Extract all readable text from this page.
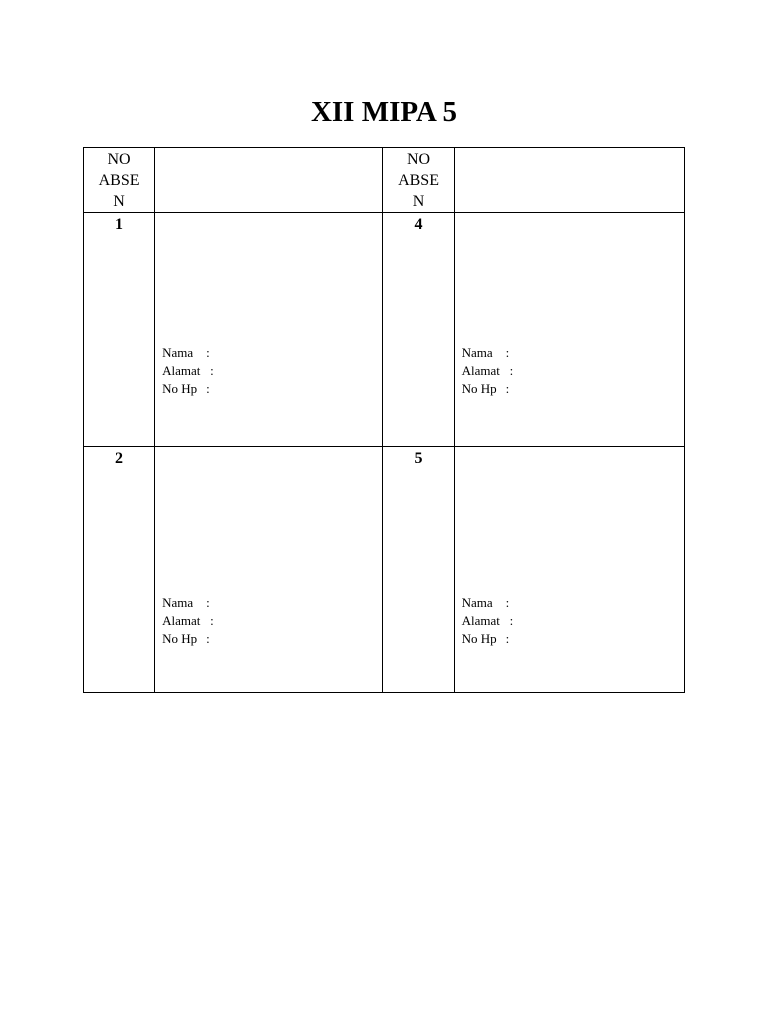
XII MIPA 5
NO
ABSE
N		NO
ABSE
N	

1	Nama :
Alamat :
No Hp :	4	Nama :
Alamat :
No Hp :

2	Nama :
Alamat :
No Hp :	5	Nama :
Alamat :
No Hp :
